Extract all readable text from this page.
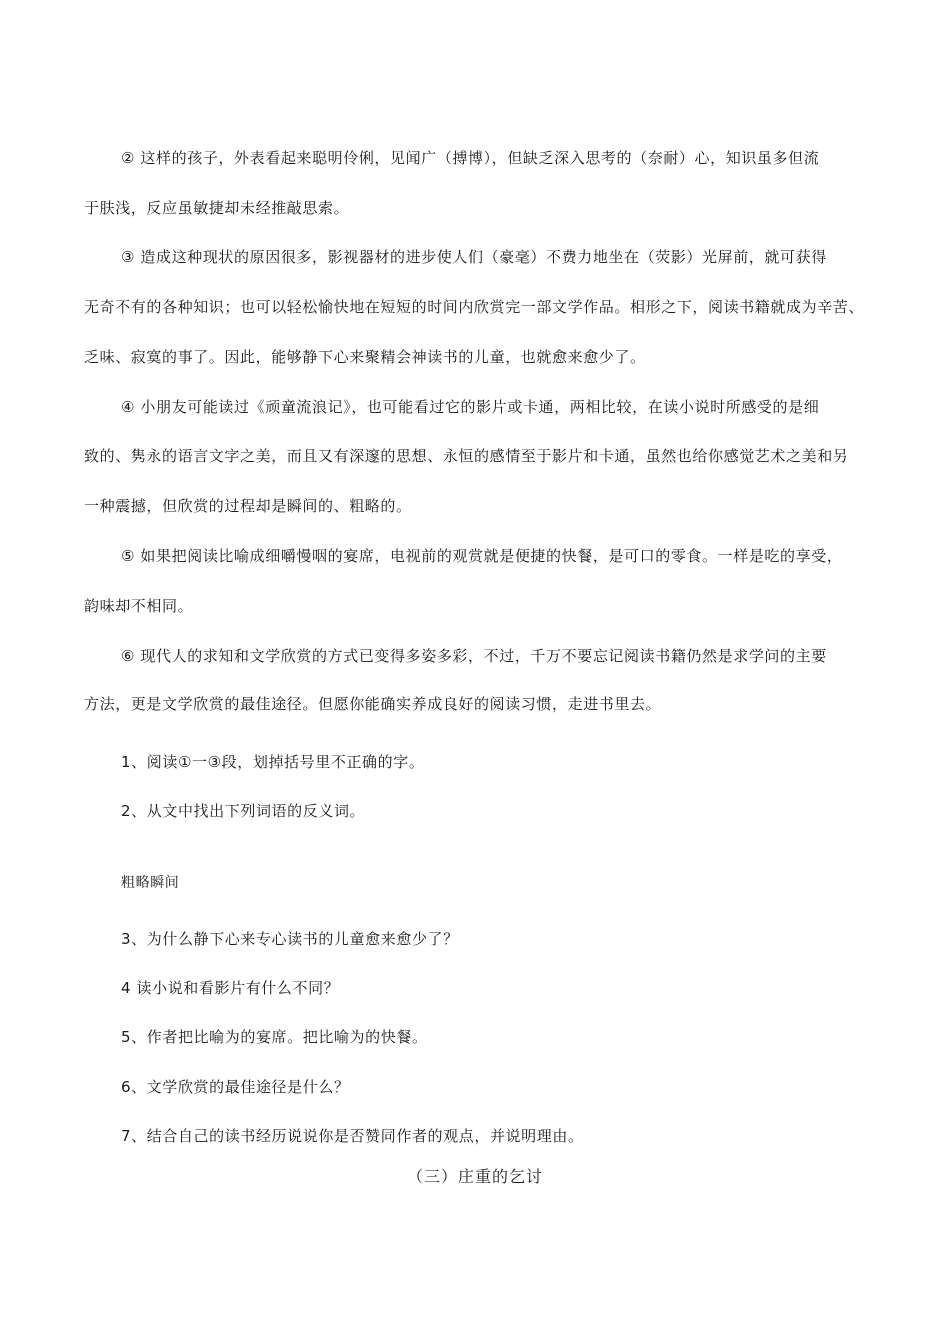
② 这样的孩子，外表看起来聪明伶俐，见闻广（搏博），但缺乏深入思考的（奈耐）心，知识虽多但流
于肤浅，反应虽敏捷却未经推敲思索。
③ 造成这种现状的原因很多，影视器材的进步使人们（豪毫）不费力地坐在（荧影）光屏前，就可获得
无奇不有的各种知识；也可以轻松愉快地在短短的时间内欣赏完一部文学作品。相形之下，阅读书籍就成为辛苦、
乏味、寂寞的事了。因此，能够静下心来聚精会神读书的儿童，也就愈来愈少了。
④ 小朋友可能读过《顽童流浪记》，也可能看过它的影片或卡通，两相比较，在读小说时所感受的是细
致的、隽永的语言文字之美，而且又有深邃的思想、永恒的感情至于影片和卡通，虽然也给你感觉艺术之美和另
一种震撼，但欣赏的过程却是瞬间的、粗略的。
⑤ 如果把阅读比喻成细嚼慢咽的宴席，电视前的观赏就是便捷的快餐，是可口的零食。一样是吃的享受，
韵味却不相同。
⑥ 现代人的求知和文学欣赏的方式已变得多姿多彩，不过，千万不要忘记阅读书籍仍然是求学问的主要
方法，更是文学欣赏的最佳途径。但愿你能确实养成良好的阅读习惯，走进书里去。
1、阅读①一③段，划掉括号里不正确的字。
2、从文中找出下列词语的反义词。
粗略瞬间
3、为什么静下心来专心读书的儿童愈来愈少了？
4 读小说和看影片有什么不同？
5、作者把比喻为的宴席。把比喻为的快餐。
6、文学欣赏的最佳途径是什么？
7、结合自己的读书经历说说你是否赞同作者的观点，并说明理由。
（三）庄重的乞讨
